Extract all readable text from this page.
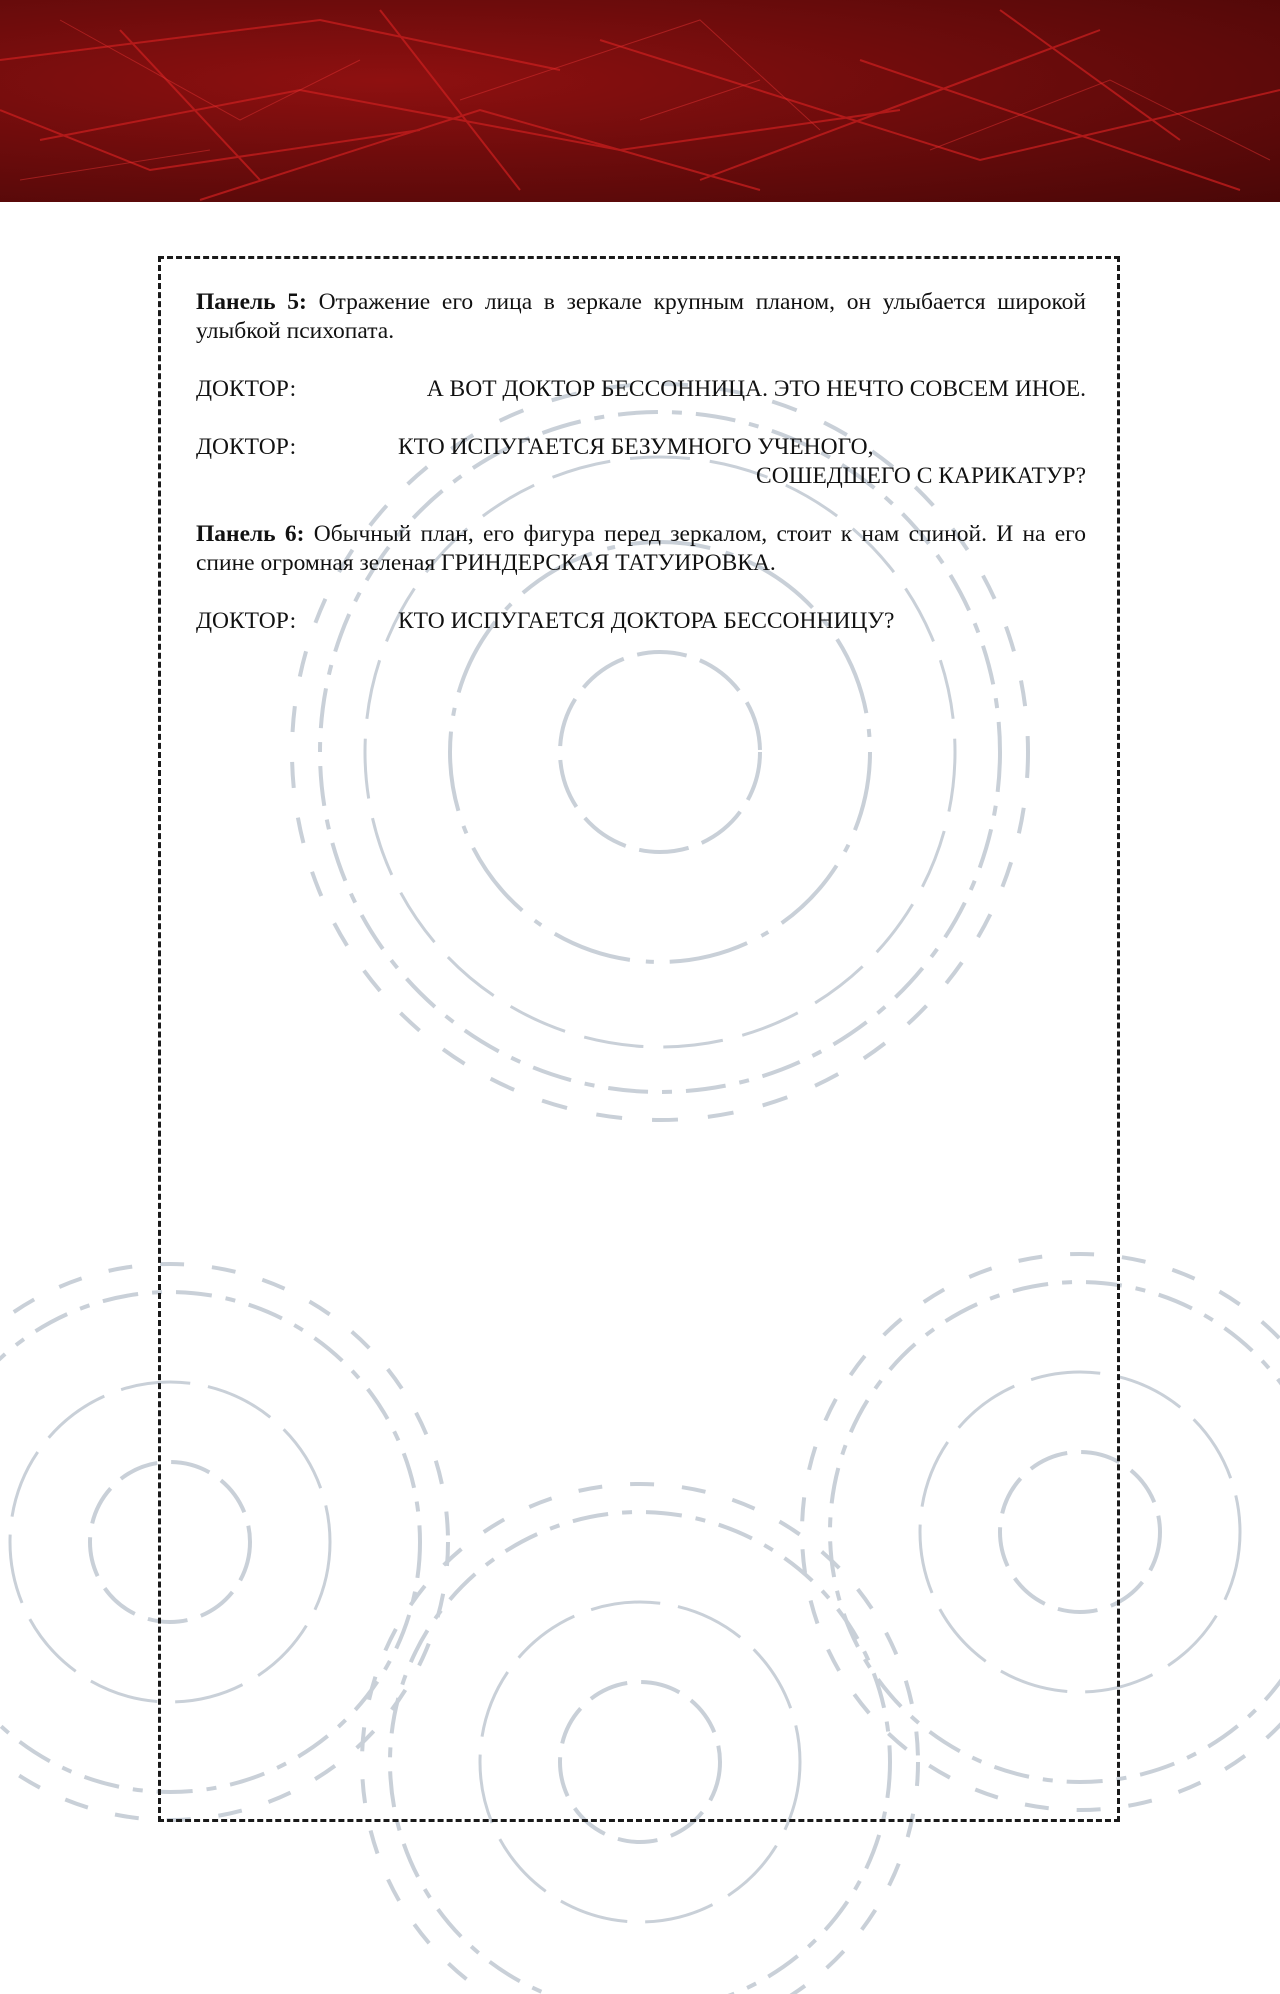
Панель 5: Отражение его лица в зеркале крупным планом, он улыбается широкой улыбкой психопата.

ДОКТОР:	А ВОТ ДОКТОР БЕССОННИЦА. ЭТО НЕЧТО СОВСЕМ ИНОЕ.
ДОКТОР:	КТО ИСПУГАЕТСЯ БЕЗУМНОГО УЧЕНОГО,
СОШЕДШЕГО С КАРИКАТУР?

Панель 6: Обычный план, его фигура перед зеркалом, стоит к нам спиной. И на его спине огромная зеленая ГРИНДЕРСКАЯ ТАТУИРОВКА.

ДОКТОР:	КТО ИСПУГАЕТСЯ ДОКТОРА БЕССОННИЦУ?
